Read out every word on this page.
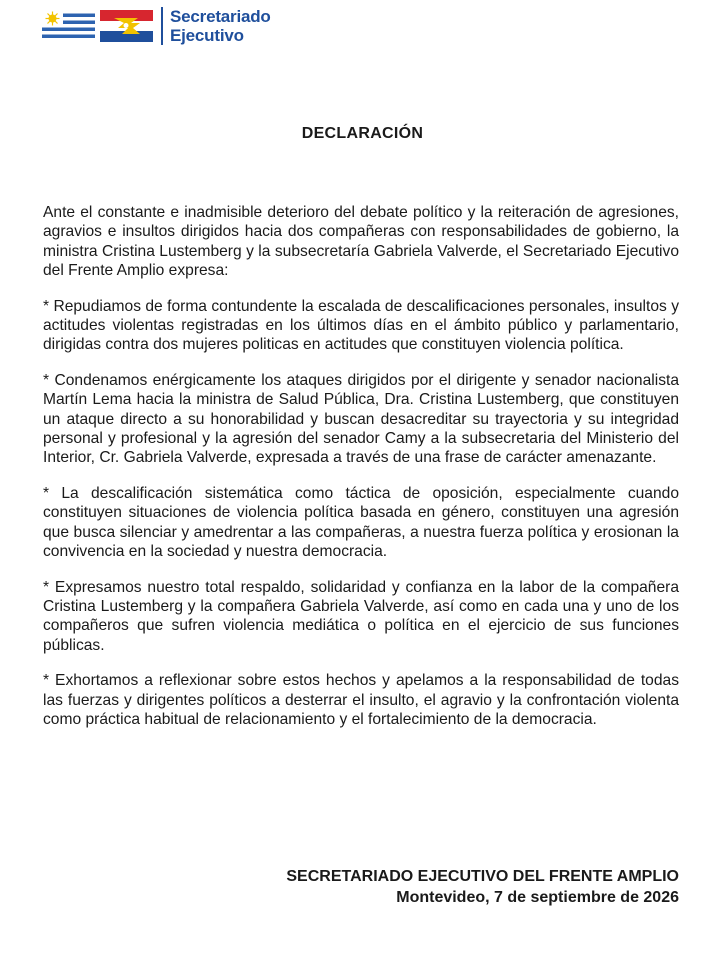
Secretariado
Ejecutivo
DECLARACIÓN

Ante el constante e inadmisible deterioro del debate político y la reiteración de agresiones, agravios e insultos dirigidos hacia dos compañeras con responsabilidades de gobierno, la ministra Cristina Lustemberg y la subsecretaría Gabriela Valverde, el Secretariado Ejecutivo del Frente Amplio expresa:

* Repudiamos de forma contundente la escalada de descalificaciones personales, insultos y actitudes violentas registradas en los últimos días en el ámbito público y parlamentario, dirigidas contra dos mujeres politicas en actitudes que constituyen violencia política.

* Condenamos enérgicamente los ataques dirigidos por el dirigente y senador nacionalista Martín Lema hacia la ministra de Salud Pública, Dra. Cristina Lustemberg, que constituyen un ataque directo a su honorabilidad y buscan desacreditar su trayectoria y su integridad personal y profesional y la agresión del senador Camy a la subsecretaria del Ministerio del Interior, Cr. Gabriela Valverde, expresada a través de una frase de carácter amenazante.

* La descalificación sistemática como táctica de oposición, especialmente cuando constituyen situaciones de violencia política basada en género, constituyen una agresión que busca silenciar y amedrentar a las compañeras, a nuestra fuerza política y erosionan la convivencia en la sociedad y nuestra democracia.

* Expresamos nuestro total respaldo, solidaridad y confianza en la labor de la compañera Cristina Lustemberg y la compañera Gabriela Valverde, así como en cada una y uno de los compañeros que sufren violencia mediática o política en el ejercicio de sus funciones públicas.

* Exhortamos a reflexionar sobre estos hechos y apelamos a la responsabilidad de todas las fuerzas y dirigentes políticos a desterrar el insulto, el agravio y la confrontación violenta como práctica habitual de relacionamiento y el fortalecimiento de la democracia.

SECRETARIADO EJECUTIVO DEL FRENTE AMPLIO
Montevideo, 7 de septiembre de 2026
